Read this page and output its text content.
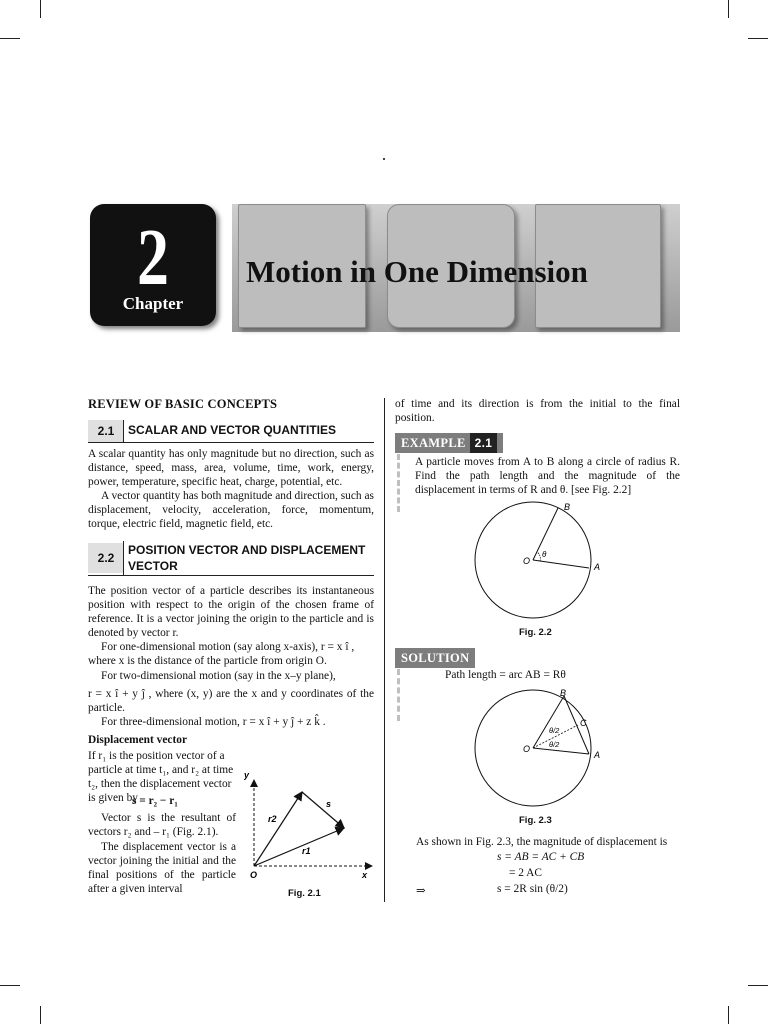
2
Chapter
Motion in One Dimension
REVIEW OF BASIC CONCEPTS
2.1	SCALAR AND VECTOR QUANTITIES
A scalar quantity has only magnitude but no direction, such as distance, speed, mass, area, volume, time, work, energy, power, temperature, specific heat, charge, potential, etc.
A vector quantity has both magnitude and direction, such as displacement, velocity, acceleration, force, momentum, torque, electric field, magnetic field, etc.
2.2
POSITION VECTOR AND DISPLACEMENT
VECTOR
The position vector of a particle describes its instantaneous position with respect to the origin of the chosen frame of reference. It is a vector joining the origin to the particle and is denoted by vector r.
For one-dimensional motion (say along x-axis), r = x î ,
where x is the distance of the particle from origin O.
For two-dimensional motion (say in the x–y plane),
r = x î + y ĵ , where (x, y) are the x and y coordinates of the particle.
For three-dimensional motion, r = x î + y ĵ + z k̂ .
Displacement vector
If r₁ is the position vector of a particle at time t₁, and r₂ at time t₂, then the displacement vector is given by
s = r₂ − r₁
Vector s is the resultant of vectors r₂ and – r₁ (Fig. 2.1).
The displacement vector is a vector joining the initial and the final positions of the particle after a given interval
y
x
O
r2
r1
s
Fig. 2.1
of time and its direction is from the initial to the final position.
EXAMPLE 2.1
A particle moves from A to B along a circle of radius R. Find the path length and the magnitude of the displacement in terms of R and θ. [see Fig. 2.2]
A
B
O
θ
Fig. 2.2
SOLUTION
Path length = arc AB = Rθ
A
B
C
O
θ/2
θ/2
Fig. 2.3
As shown in Fig. 2.3, the magnitude of displacement is
s = AB = AC + CB
= 2 AC
⇒	s = 2R sin (θ/2)
